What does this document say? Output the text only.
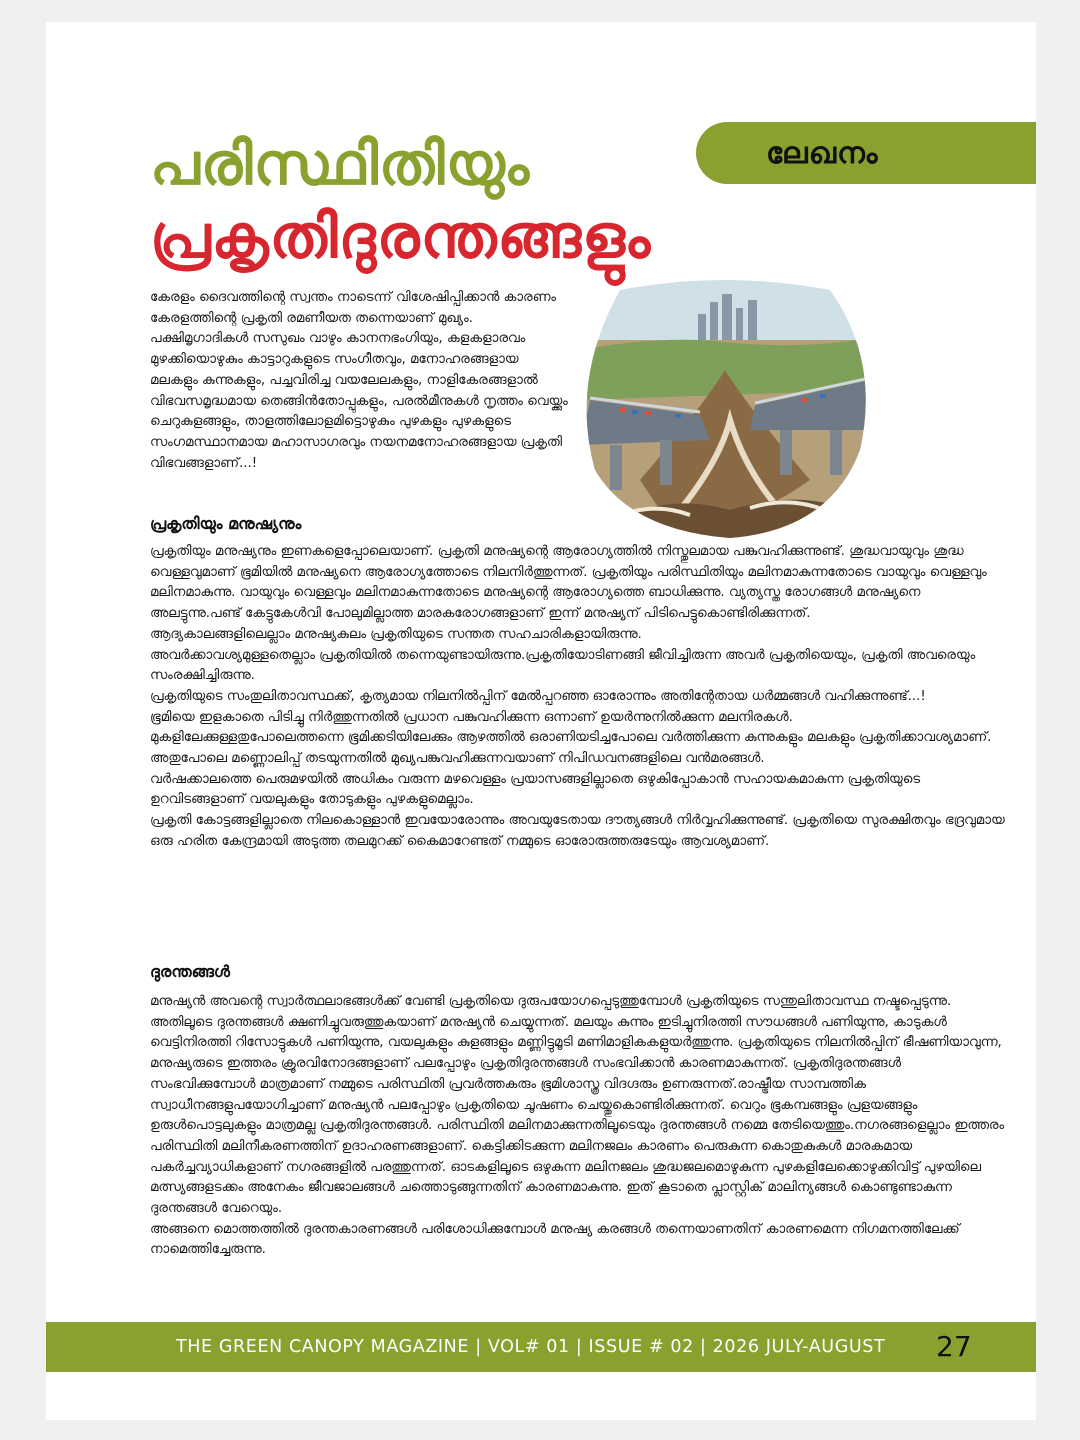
ലേഖനം
പരിസ്ഥിതിയും
പ്രകൃതിദുരന്തങ്ങളും

കേരളം ദൈവത്തിന്റെ സ്വന്തം നാടെന്ന് വിശേഷിപ്പിക്കാൻ കാരണം കേരളത്തിന്റെ പ്രകൃതി രമണീയത തന്നെയാണ് മുഖ്യം.

പക്ഷിമൃഗാദികൾ സസുഖം വാഴും കാനനഭംഗിയും, കളകളാരവം മുഴക്കിയൊഴുകും കാട്ടാറുകളുടെ സംഗീതവും, മനോഹരങ്ങളായ മലകളും കുന്നുകളും, പച്ചവിരിച്ച വയലേലകളും, നാളികേരങ്ങളാൽ വിഭവസമൃദ്ധമായ തെങ്ങിൻതോപ്പുകളും, പരൽമീനുകൾ നൃത്തം വെയ്ക്കും ചെറുകുളങ്ങളും, താളത്തിലോളമിട്ടൊഴുകും പുഴകളും പുഴകളുടെ സംഗമസ്ഥാനമായ മഹാസാഗരവും നയനമനോഹരങ്ങളായ പ്രകൃതി വിഭവങ്ങളാണ്...!

പ്രകൃതിയും മനുഷ്യനും

പ്രകൃതിയും മനുഷ്യനും ഇണകളെപ്പോലെയാണ്. പ്രകൃതി മനുഷ്യന്റെ ആരോഗ്യത്തിൽ നിസ്തുലമായ പങ്കുവഹിക്കുന്നുണ്ട്. ശുദ്ധവായുവും ശുദ്ധ വെള്ളവുമാണ് ഭൂമിയിൽ മനുഷ്യനെ ആരോഗ്യത്തോടെ നിലനിർത്തുന്നത്. പ്രകൃതിയും പരിസ്ഥിതിയും മലിനമാകുന്നതോടെ വായുവും വെള്ളവും മലിനമാകുന്നു. വായുവും വെള്ളവും മലിനമാകുന്നതോടെ മനുഷ്യന്റെ ആരോഗ്യത്തെ ബാധിക്കുന്നു. വ്യത്യസ്ത രോഗങ്ങൾ മനുഷ്യനെ അലട്ടുന്നു.പണ്ട് കേട്ടുകേൾവി പോലുമില്ലാത്ത മാരകരോഗങ്ങളാണ് ഇന്ന് മനുഷ്യന് പിടിപെട്ടുകൊണ്ടിരിക്കുന്നത്.

ആദ്യകാലങ്ങളിലെല്ലാം മനുഷ്യകുലം പ്രകൃതിയുടെ സന്തത സഹചാരികളായിരുന്നു.

അവർക്കാവശ്യമുള്ളതെല്ലാം പ്രകൃതിയിൽ തന്നെയുണ്ടായിരുന്നു.പ്രകൃതിയോടിണങ്ങി ജീവിച്ചിരുന്ന അവർ പ്രകൃതിയെയും, പ്രകൃതി അവരെയും സംരക്ഷിച്ചിരുന്നു.

പ്രകൃതിയുടെ സംതുലിതാവസ്ഥക്ക്, കൃത്യമായ നിലനിൽപ്പിന് മേൽപ്പറഞ്ഞ ഓരോന്നും അതിന്റേതായ ധർമ്മങ്ങൾ വഹിക്കുന്നുണ്ട്...!

ഭൂമിയെ ഇളകാതെ പിടിച്ചു നിർത്തുന്നതിൽ പ്രധാന പങ്കുവഹിക്കുന്ന ഒന്നാണ് ഉയർന്നുനിൽക്കുന്ന മലനിരകൾ.

മുകളിലേക്കുള്ളതുപോലെത്തന്നെ ഭൂമിക്കടിയിലേക്കും ആഴത്തിൽ ഒരാണിയടിച്ചപോലെ വർത്തിക്കുന്ന കുന്നുകളും മലകളും പ്രകൃതിക്കാവശ്യമാണ്. അതുപോലെ മണ്ണൊലിപ്പ് തടയുന്നതിൽ മുഖ്യപങ്കുവഹിക്കുന്നവയാണ് നിപിഡവനങ്ങളിലെ വൻമരങ്ങൾ.

വർഷക്കാലത്തെ പെരുമഴയിൽ അധികം വരുന്ന മഴവെള്ളം പ്രയാസങ്ങളില്ലാതെ ഒഴുകിപ്പോകാൻ സഹായകമാകുന്ന പ്രകൃതിയുടെ ഉറവിടങ്ങളാണ് വയലുകളും തോടുകളും പുഴകളുമെല്ലാം.

പ്രകൃതി കോട്ടങ്ങളില്ലാതെ നിലകൊള്ളാൻ ഇവയോരോന്നും അവയുടേതായ ദൗത്യങ്ങൾ നിർവ്വഹിക്കുന്നുണ്ട്. പ്രകൃതിയെ സുരക്ഷിതവും ഭദ്രവുമായ ഒരു ഹരിത കേന്ദ്രമായി അടുത്ത തലമുറക്ക് കൈമാറേണ്ടത് നമ്മുടെ ഓരോരുത്തരുടേയും ആവശ്യമാണ്.

ദുരന്തങ്ങൾ

മനുഷ്യൻ അവന്റെ സ്വാർത്ഥലാഭങ്ങൾക്ക് വേണ്ടി പ്രകൃതിയെ ദുരുപയോഗപ്പെടുത്തുമ്പോൾ പ്രകൃതിയുടെ സന്തുലിതാവസ്ഥ നഷ്ടപ്പെടുന്നു. അതിലൂടെ ദുരന്തങ്ങൾ ക്ഷണിച്ചുവരുത്തുകയാണ് മനുഷ്യൻ ചെയ്യുന്നത്. മലയും കുന്നും ഇടിച്ചുനിരത്തി സൗധങ്ങൾ പണിയുന്നു, കാടുകൾ വെട്ടിനിരത്തി റിസോട്ടുകൾ പണിയുന്നു, വയലുകളും കുളങ്ങളും മണ്ണിട്ടുമൂടി മണിമാളികകളുയർത്തുന്നു. പ്രകൃതിയുടെ നിലനിൽപ്പിന് ഭീഷണിയാവുന്ന, മനുഷ്യരുടെ ഇത്തരം ക്രൂരവിനോദങ്ങളാണ് പലപ്പോഴും പ്രകൃതിദുരന്തങ്ങൾ സംഭവിക്കാൻ കാരണമാകുന്നത്. പ്രകൃതിദുരന്തങ്ങൾ സംഭവിക്കുമ്പോൾ മാത്രമാണ് നമ്മുടെ പരിസ്ഥിതി പ്രവർത്തകരും ഭൂമിശാസ്ത്ര വിദഗ്ദരും ഉണരുന്നത്.രാഷ്ട്രീയ സാമ്പത്തിക സ്വാധീനങ്ങളുപയോഗിച്ചാണ് മനുഷ്യൻ പലപ്പോഴും പ്രകൃതിയെ ചൂഷണം ചെയ്തുകൊണ്ടിരിക്കുന്നത്. വെറും ഭൂകമ്പങ്ങളും പ്രളയങ്ങളും ഉരുൾപൊട്ടലുകളും മാത്രമല്ല പ്രകൃതിദുരന്തങ്ങൾ. പരിസ്ഥിതി മലിനമാക്കുന്നതിലൂടെയും ദുരന്തങ്ങൾ നമ്മെ തേടിയെത്തും.നഗരങ്ങളെല്ലാം ഇത്തരം പരിസ്ഥിതി മലിനീകരണത്തിന് ഉദാഹരണങ്ങളാണ്. കെട്ടിക്കിടക്കുന്ന മലിനജലം കാരണം പെരുകുന്ന കൊതുകുകൾ മാരകമായ പകർച്ചവ്യാധികളാണ് നഗരങ്ങളിൽ പരത്തുന്നത്. ഓടകളിലൂടെ ഒഴുകുന്ന മലിനജലം ശുദ്ധജലമൊഴുകുന്ന പുഴകളിലേക്കൊഴുക്കിവിട്ട് പുഴയിലെ മത്സ്യങ്ങളടക്കം അനേകം ജീവജാലങ്ങൾ ചത്തൊടുങ്ങുന്നതിന് കാരണമാകുന്നു. ഇത് കൂടാതെ പ്ലാസ്റ്റിക് മാലിന്യങ്ങൾ കൊണ്ടുണ്ടാകുന്ന ദുരന്തങ്ങൾ വേറെയും.

അങ്ങനെ മൊത്തത്തിൽ ദുരന്തകാരണങ്ങൾ പരിശോധിക്കുമ്പോൾ മനുഷ്യ കരങ്ങൾ തന്നെയാണതിന് കാരണമെന്ന നിഗമനത്തിലേക്ക് നാമെത്തിച്ചേരുന്നു.

THE GREEN CANOPY MAGAZINE | VOL# 01 | ISSUE # 02 | 2026 JULY-AUGUST 27
